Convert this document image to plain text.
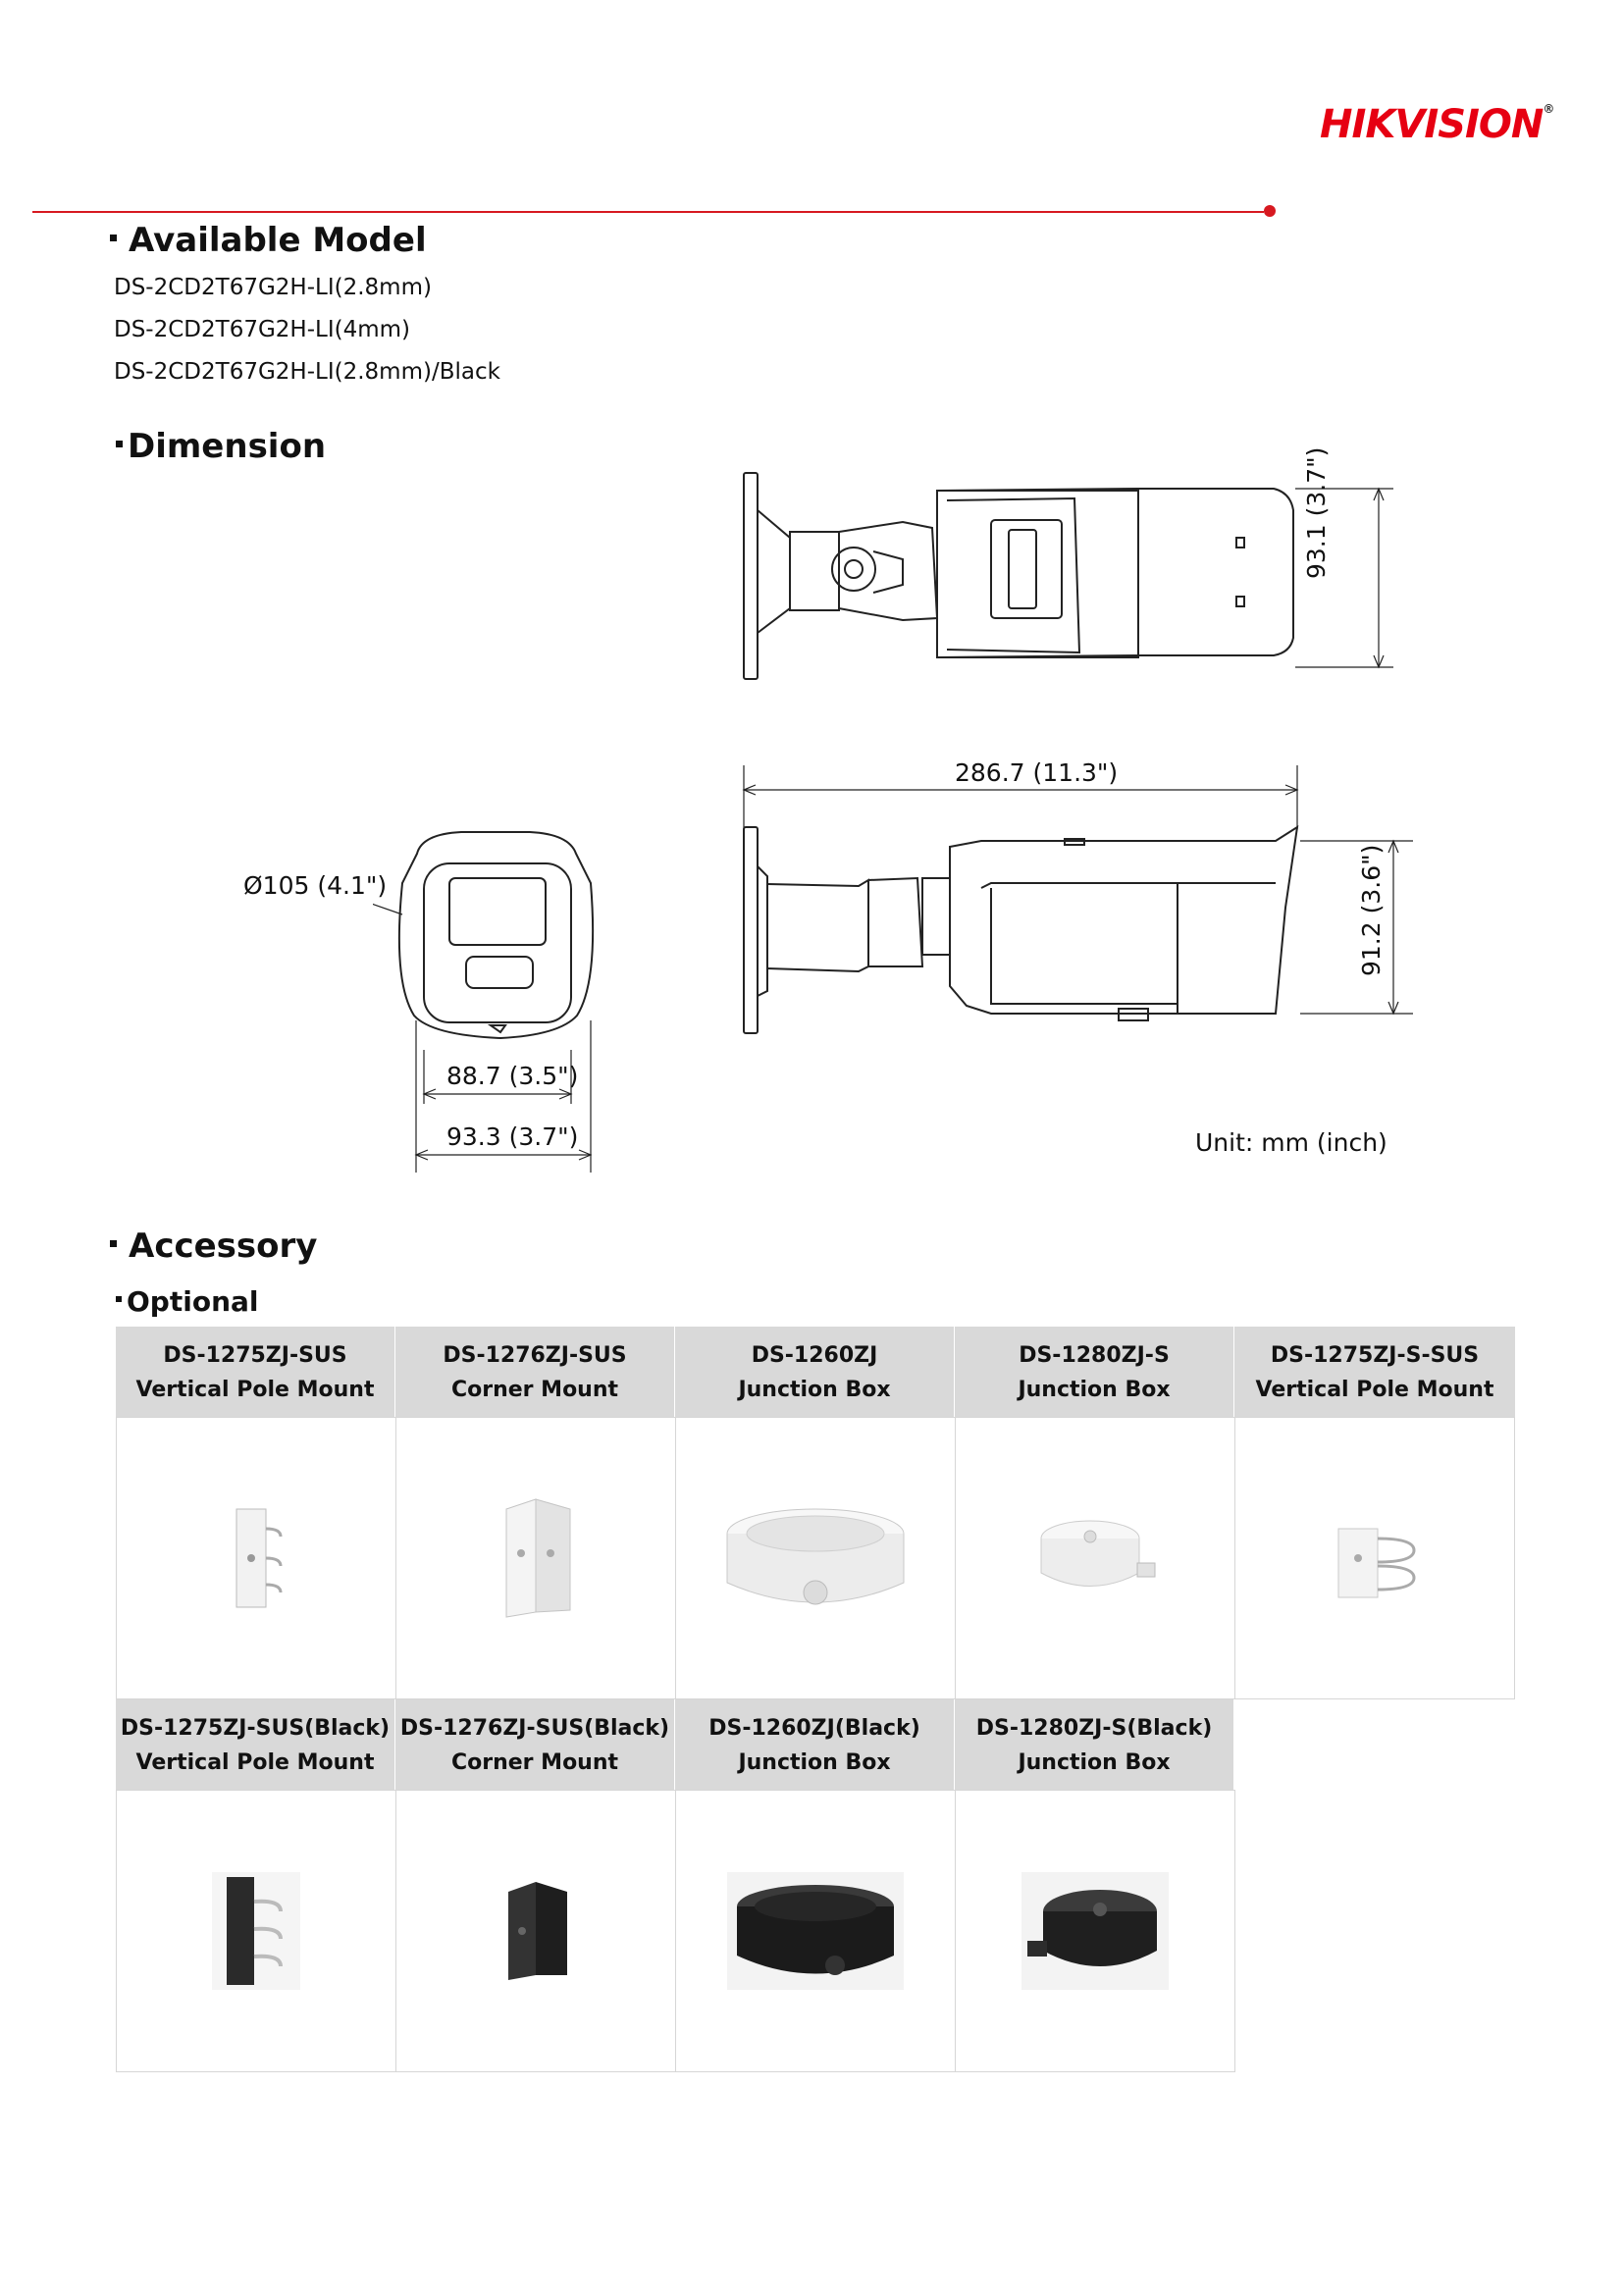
HIKVISION®
Available Model
DS-2CD2T67G2H-LI(2.8mm)
DS-2CD2T67G2H-LI(4mm)
DS-2CD2T67G2H-LI(2.8mm)/Black
Dimension
93.1 (3.7")
286.7 (11.3")
91.2 (3.6")
Ø105 (4.1")
88.7 (3.5")
93.3 (3.7")	Unit: mm (inch)
Accessory
Optional
DS-1275ZJ-SUS
Vertical Pole Mount
DS-1276ZJ-SUS
Corner Mount
DS-1260ZJ
Junction Box
DS-1280ZJ-S
Junction Box
DS-1275ZJ-S-SUS
Vertical Pole Mount
DS-1275ZJ-SUS(Black)
Vertical Pole Mount
DS-1276ZJ-SUS(Black)
Corner Mount
DS-1260ZJ(Black)
Junction Box
DS-1280ZJ-S(Black)
Junction Box
